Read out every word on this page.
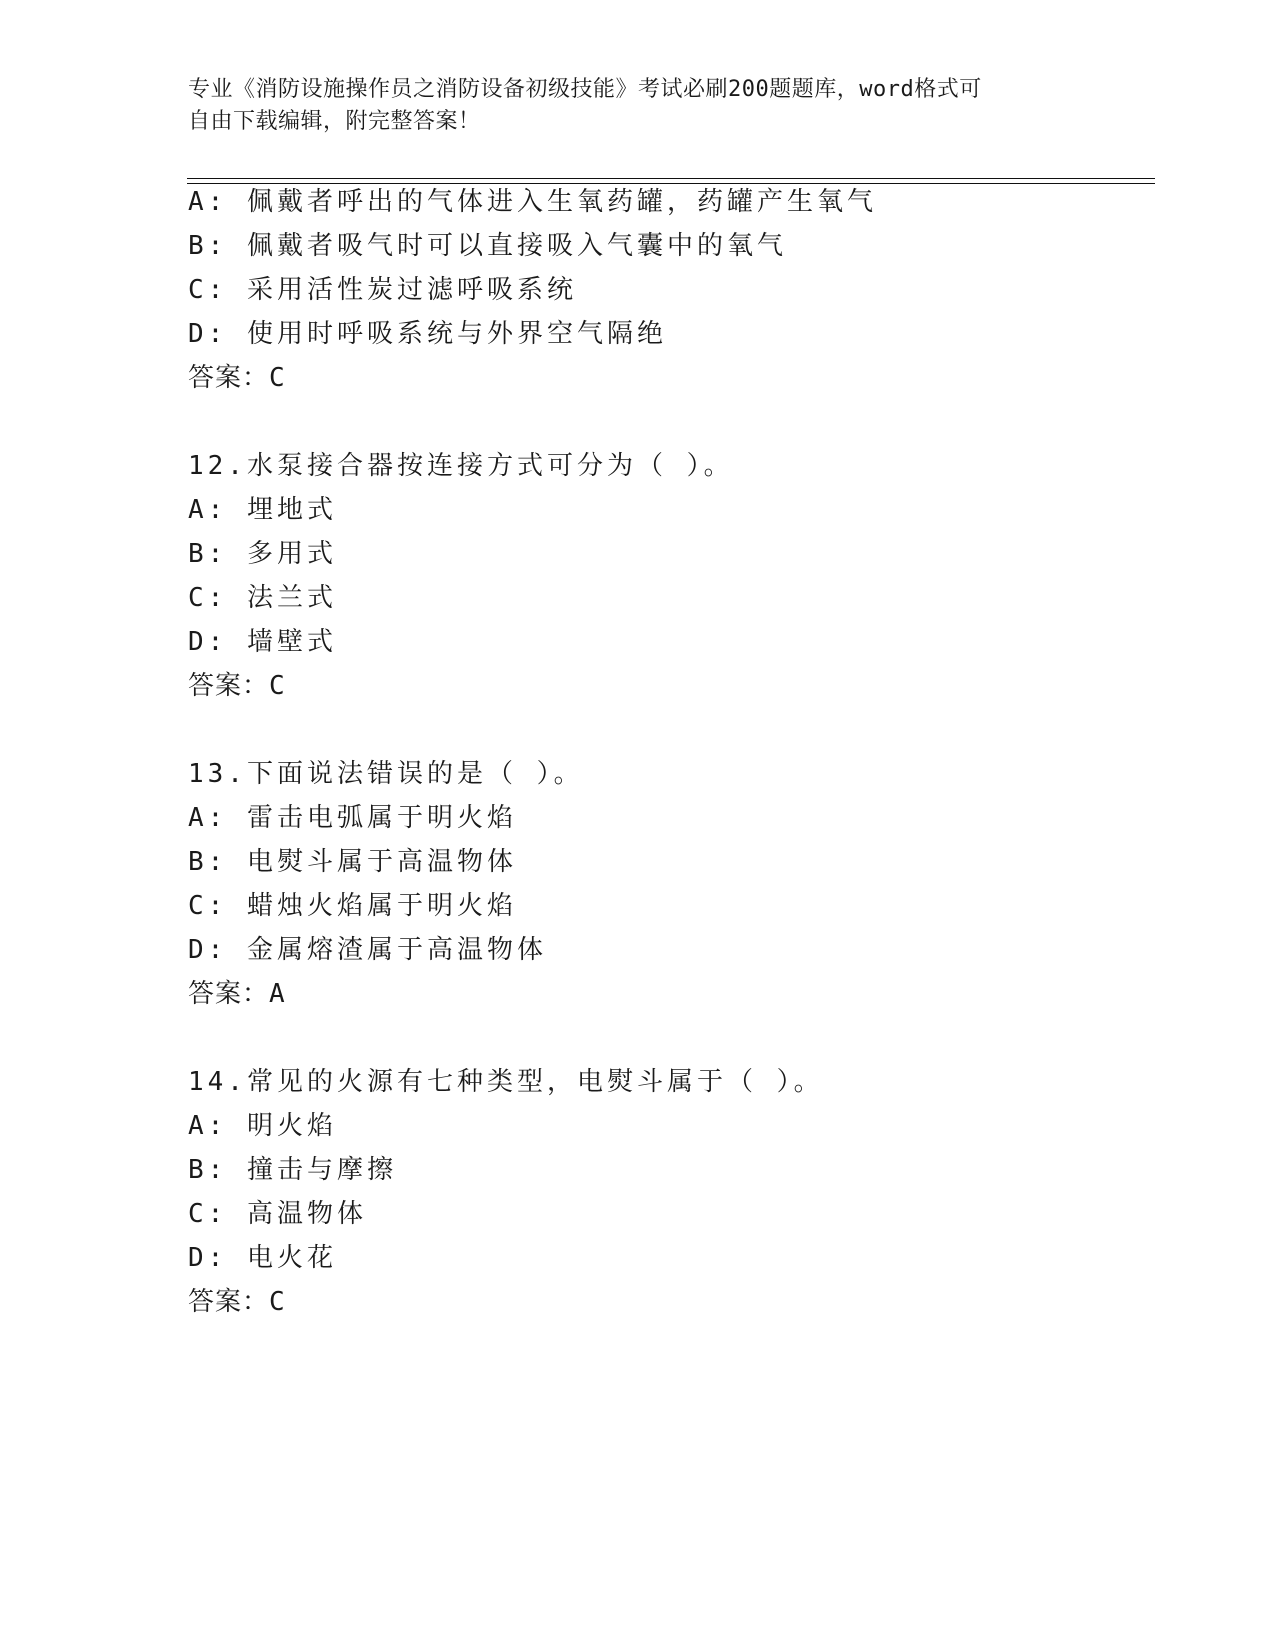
专业《消防设施操作员之消防设备初级技能》考试必刷200题题库，word格式可
自由下载编辑，附完整答案！
A: 佩戴者呼出的气体进入生氧药罐，药罐产生氧气
B: 佩戴者吸气时可以直接吸入气囊中的氧气
C: 采用活性炭过滤呼吸系统
D: 使用时呼吸系统与外界空气隔绝
答案：C
12.水泵接合器按连接方式可分为（ ）。
A: 埋地式
B: 多用式
C: 法兰式
D: 墙壁式
答案：C
13.下面说法错误的是（ ）。
A: 雷击电弧属于明火焰
B: 电熨斗属于高温物体
C: 蜡烛火焰属于明火焰
D: 金属熔渣属于高温物体
答案：A
14.常见的火源有七种类型，电熨斗属于（ ）。
A: 明火焰
B: 撞击与摩擦
C: 高温物体
D: 电火花
答案：C
